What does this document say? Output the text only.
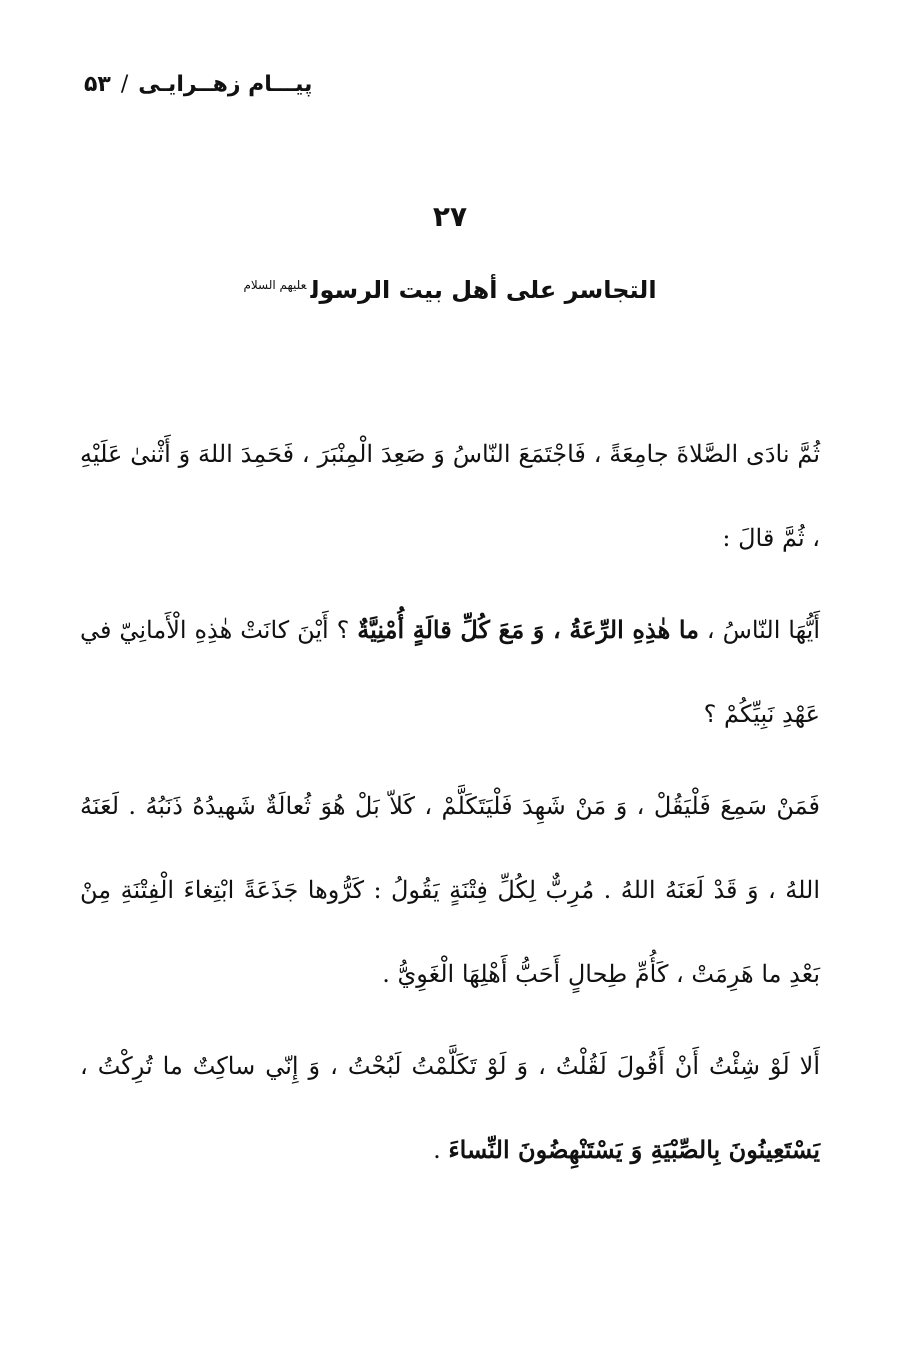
پیـــام زهــرایـی/۵۳
۲۷
التجاسر على أهل بيت الرسول$^{عليهم السلام}$

ثُمَّ نادَى الصَّلاةَ جامِعَةً ، فَاجْتَمَعَ النّاسُ وَ صَعِدَ الْمِنْبَرَ ، فَحَمِدَ اللهَ وَ أَثْنىٰ عَلَيْهِ ، ثُمَّ قالَ :

أَيُّهَا النّاسُ ، ما هٰذِهِ الرِّعَةُ ، وَ مَعَ كُلِّ قالَةٍ أُمْنِيَّةٌ ؟ أَيْنَ كانَتْ هٰذِهِ الْأَمانِيّ في عَهْدِ نَبِيِّكُمْ ؟

فَمَنْ سَمِعَ فَلْيَقُلْ ، وَ مَنْ شَهِدَ فَلْيَتَكَلَّمْ ، كَلاّ بَلْ هُوَ ثُعالَةٌ شَهيدُهُ ذَنَبُهُ . لَعَنَهُ اللهُ ، وَ قَدْ لَعَنَهُ اللهُ . مُرِبٌّ لِكُلِّ فِتْنَةٍ يَقُولُ : كَرُّوها جَذَعَةً ابْتِغاءَ الْفِتْنَةِ مِنْ بَعْدِ ما هَرِمَتْ ، كَأُمِّ طِحالٍ أَحَبُّ أَهْلِهَا الْغَوِيُّ .

أَلا لَوْ شِئْتُ أَنْ أَقُولَ لَقُلْتُ ، وَ لَوْ تَكَلَّمْتُ لَبُحْتُ ، وَ إِنّي ساكِتٌ ما تُرِكْتُ ، يَسْتَعِينُونَ بِالصِّبْيَةِ وَ يَسْتَنْهِضُونَ النِّساءَ .
